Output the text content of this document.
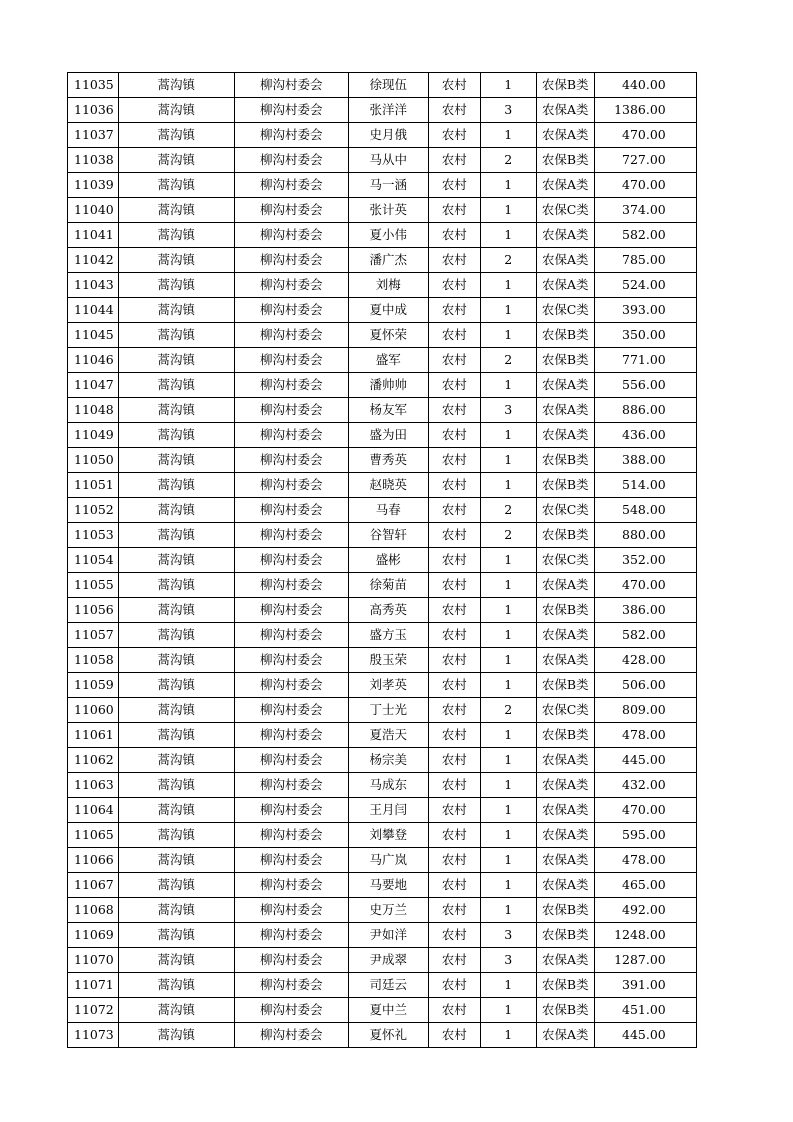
11035	蒿沟镇	柳沟村委会	徐现伍	农村	1	农保B类	440.00
11036	蒿沟镇	柳沟村委会	张洋洋	农村	3	农保A类	1386.00
11037	蒿沟镇	柳沟村委会	史月俄	农村	1	农保A类	470.00
11038	蒿沟镇	柳沟村委会	马从中	农村	2	农保B类	727.00
11039	蒿沟镇	柳沟村委会	马一涵	农村	1	农保A类	470.00
11040	蒿沟镇	柳沟村委会	张计英	农村	1	农保C类	374.00
11041	蒿沟镇	柳沟村委会	夏小伟	农村	1	农保A类	582.00
11042	蒿沟镇	柳沟村委会	潘广杰	农村	2	农保A类	785.00
11043	蒿沟镇	柳沟村委会	刘梅	农村	1	农保A类	524.00
11044	蒿沟镇	柳沟村委会	夏中成	农村	1	农保C类	393.00
11045	蒿沟镇	柳沟村委会	夏怀荣	农村	1	农保B类	350.00
11046	蒿沟镇	柳沟村委会	盛军	农村	2	农保B类	771.00
11047	蒿沟镇	柳沟村委会	潘帅帅	农村	1	农保A类	556.00
11048	蒿沟镇	柳沟村委会	杨友军	农村	3	农保A类	886.00
11049	蒿沟镇	柳沟村委会	盛为田	农村	1	农保A类	436.00
11050	蒿沟镇	柳沟村委会	曹秀英	农村	1	农保B类	388.00
11051	蒿沟镇	柳沟村委会	赵晓英	农村	1	农保B类	514.00
11052	蒿沟镇	柳沟村委会	马春	农村	2	农保C类	548.00
11053	蒿沟镇	柳沟村委会	谷智轩	农村	2	农保B类	880.00
11054	蒿沟镇	柳沟村委会	盛彬	农村	1	农保C类	352.00
11055	蒿沟镇	柳沟村委会	徐菊苗	农村	1	农保A类	470.00
11056	蒿沟镇	柳沟村委会	高秀英	农村	1	农保B类	386.00
11057	蒿沟镇	柳沟村委会	盛方玉	农村	1	农保A类	582.00
11058	蒿沟镇	柳沟村委会	殷玉荣	农村	1	农保A类	428.00
11059	蒿沟镇	柳沟村委会	刘孝英	农村	1	农保B类	506.00
11060	蒿沟镇	柳沟村委会	丁士光	农村	2	农保C类	809.00
11061	蒿沟镇	柳沟村委会	夏浩天	农村	1	农保B类	478.00
11062	蒿沟镇	柳沟村委会	杨宗美	农村	1	农保A类	445.00
11063	蒿沟镇	柳沟村委会	马成东	农村	1	农保A类	432.00
11064	蒿沟镇	柳沟村委会	王月闫	农村	1	农保A类	470.00
11065	蒿沟镇	柳沟村委会	刘攀登	农村	1	农保A类	595.00
11066	蒿沟镇	柳沟村委会	马广岚	农村	1	农保A类	478.00
11067	蒿沟镇	柳沟村委会	马要地	农村	1	农保A类	465.00
11068	蒿沟镇	柳沟村委会	史万兰	农村	1	农保B类	492.00
11069	蒿沟镇	柳沟村委会	尹如洋	农村	3	农保B类	1248.00
11070	蒿沟镇	柳沟村委会	尹成翠	农村	3	农保A类	1287.00
11071	蒿沟镇	柳沟村委会	司廷云	农村	1	农保B类	391.00
11072	蒿沟镇	柳沟村委会	夏中兰	农村	1	农保B类	451.00
11073	蒿沟镇	柳沟村委会	夏怀礼	农村	1	农保A类	445.00
